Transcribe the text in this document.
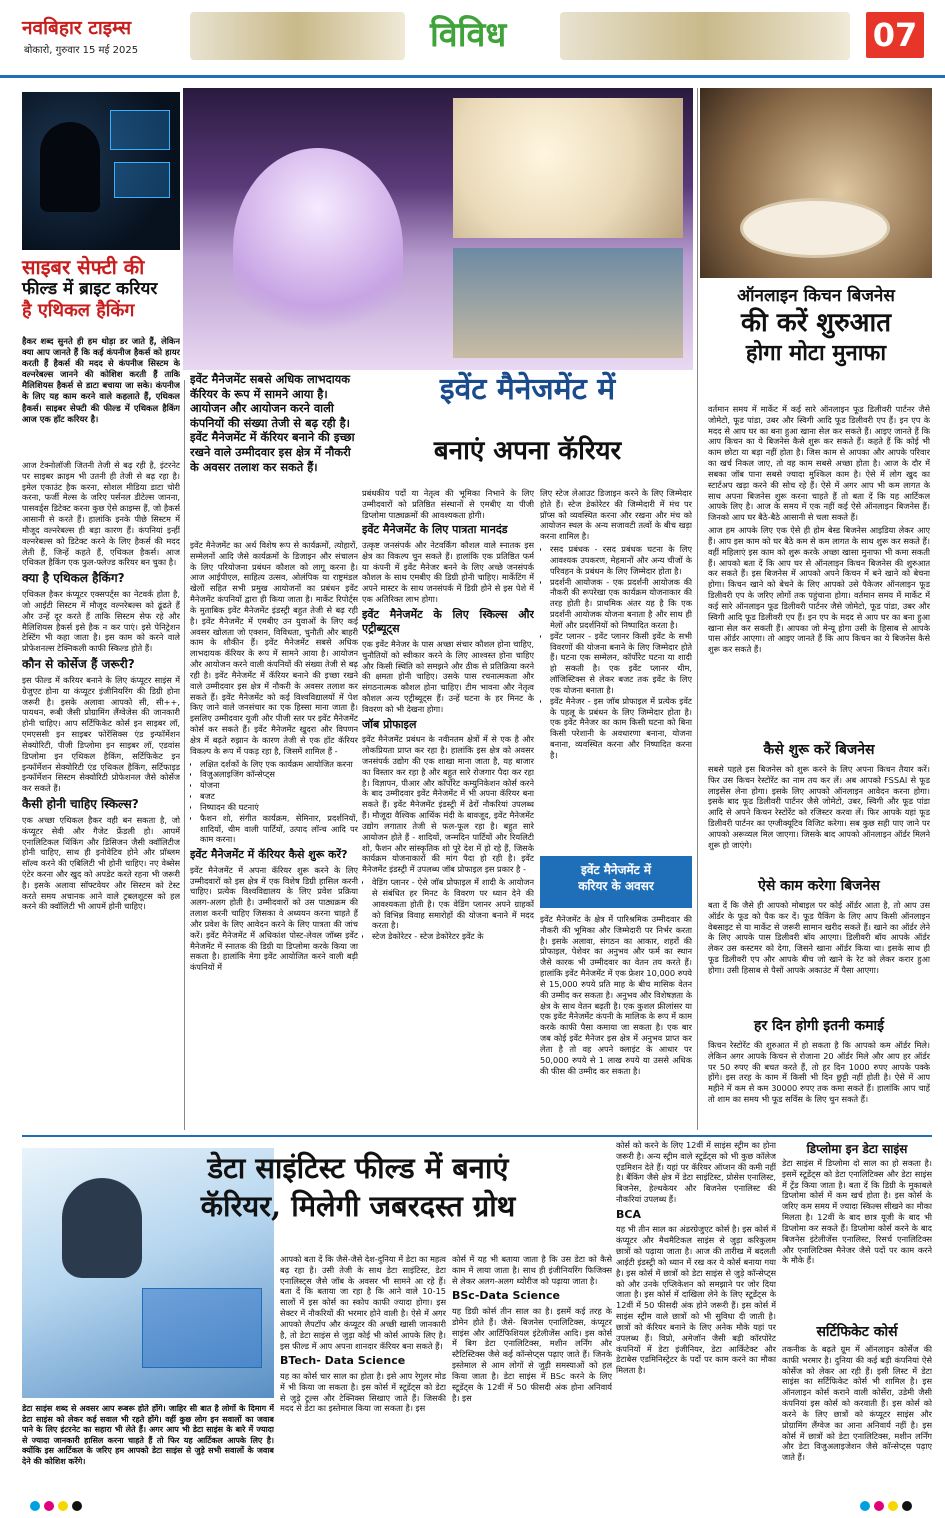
नवबिहार टाइम्स
बोकारो, गुरुवार 15 मई 2025	विविध	07
साइबर सेफ्टी की
फील्ड में ब्राइट करियर
है एथिकल हैकिंग
हैकर शब्द सुनते ही हम थोड़ा डर जाते हैं, लेकिन क्या आप जानते हैं कि कई कंपनीज हैकर्स को हायर करती हैं हैकर्स की मदद से कंपनीज सिस्टम के वल्नरेबल्स जानने की कोशिश करती हैं ताकि मैलिशियस हैकर्स से डाटा बचाया जा सके। कंपनीज के लिए यह काम करने वाले कहलाते हैं, एथिकल हैकर्स। साइबर सेफ्टी की फील्ड में एथिकल हैकिंग आज एक हॉट करियर है।

आज टेक्नोलॉजी जितनी तेजी से बढ़ रही है, इंटरनेट पर साइबर क्राइम भी उतनी ही तेजी से बढ़ रहा है। इमेल एकाउंट हैक करना, सोशल मीडिया डाटा चोरी करना, फर्जी मेल्स के जरिए पर्सनल डीटेल्स जानना, पासवर्ड्स डिटेक्ट करना कुछ ऐसे क्राइम्स हैं, जो हैकर्स आसानी से करते हैं। हालांकि इनके पीछे सिस्टम में मौजूद वल्नरेबल्स ही बड़ा कारण हैं। कंपनियां इन्हीं वल्नरेबल्स को डिटेक्ट करने के लिए हैकर्स की मदद लेती हैं, जिन्हें कहते हैं, एथिकल हैकर्स। आज एथिकल हैकिंग एक फुल-फ्लेज्ड करियर बन चुका है।

क्या है एथिकल हैकिंग?

एथिकल हैकर कंप्यूटर एक्सपर्ट्स का नेटवर्क होता है, जो आईटी सिस्टम में मौजूद वल्नरेबल्स को ढूंढते हैं और उन्हें दूर करते हैं ताकि सिस्टम सेफ रहे और मैलिशियस हैकर्स इसे हैक न कर पाएं। इसे पेनिट्रेशन टेस्टिंग भी कहा जाता है। इस काम को करने वाले प्रोफेशनल्स टेक्निकली काफी स्किल्ड होते हैं।

कौन से कोर्सेज हैं जरूरी?

इस फील्ड में करियर बनाने के लिए कंप्यूटर साइंस में ग्रेजुएट होना या कंप्यूटर इंजीनियरिंग की डिग्री होना जरूरी है। इसके अलावा आपको सी, सी++, पायथन, रूबी जैसी प्रोग्रामिंग लैंग्वेजेस की जानकारी होनी चाहिए। आप सर्टिफिकेट कोर्स इन साइबर लॉ, एमएससी इन साइबर फोरेंसिक्स एंड इन्फॉर्मेशन सेक्योरिटी, पीजी डिप्लोमा इन साइबर लॉ, एडवांस डिप्लोमा इन एथिकल हैकिंग, सर्टिफिकेट इन इन्फॉर्मेशन सेक्योरिटी एंड एथिकल हैकिंग, सर्टिफाइड इन्फॉर्मेशन सिस्टम सेक्योरिटी प्रोफेशनल जैसे कोर्सेज कर सकते हैं।

कैसी होनी चाहिए स्किल्स?

एक अच्छा एथिकल हैकर वही बन सकता है, जो कंप्यूटर सेवी और गैजेट फ्रेंडली हो। आपमें एनालिटिकल थिंकिंग और डिसिजन जैसी क्वॉलिटीज होनी चाहिए, साथ ही इनोवेटिव होने और प्रॉब्लम सॉल्व करने की एबिलिटी भी होनी चाहिए। नए वेब्सेस एंटेर करना और खुद को अपडेट करते रहना भी जरूरी है। इसके अलावा सॉफ्टवेयर और सिस्टम को टेस्ट करते समय अचानक आने वाले ट्रबलशूटस को हल करने की क्वॉलिटी भी आपमें होनी चाहिए।

इवेंट मैनेजमेंट सबसे अधिक लाभदायक कॅरियर के रूप में सामने आया है। आयोजन और आयोजन करने वाली कंपनियों की संख्या तेजी से बढ़ रही है। इवेंट मैनेजमेंट में कॅरियर बनाने की इच्छा रखने वाले उम्मीदवार इस क्षेत्र में नौकरी के अवसर तलाश कर सकते हैं।
इवेंट मैनेजमेंट में
बनाएं अपना कॅरियर

इवेंट मैनेजमेंट का अर्थ विशेष रूप से कार्यक्रमों, त्योहारों, सम्मेलनों आदि जैसे कार्यक्रमों के डिजाइन और संचालन के लिए परियोजना प्रबंधन कौशल को लागू करना है। आज आईपीएल, साहित्य उत्सव, ओलंपिक या राष्ट्रमंडल खेलों सहित सभी प्रमुख आयोजनों का प्रबंधन इवेंट मैनेजमेंट कंपनियों द्वारा ही किया जाता है। मार्केट रिपोर्ट्स के मुताबिक इवेंट मैनेजमेंट इंडस्ट्री बहुत तेजी से बढ़ रही है। इवेंट मैनेजमेंट में एमबीए उन युवाओं के लिए कई अवसर खोलता जो एक्शन, विविधता, चुनौती और बाहरी काम के शौकीन हैं। इवेंट मैनेजमेंट सबसे अधिक लाभदायक कॅरियर के रूप में सामने आया है। आयोजन और आयोजन करने वाली कंपनियों की संख्या तेजी से बढ़ रही है। इवेंट मैनेजमेंट में कॅरियर बनाने की इच्छा रखने वाले उम्मीदवार इस क्षेत्र में नौकरी के अवसर तलाश कर सकते हैं। इवेंट मैनेजमेंट को कई विश्वविद्यालयों में पेश किए जाने वाले जनसंचार का एक हिस्सा माना जाता है। इसलिए उम्मीदवार यूजी और पीजी स्तर पर इवेंट मैनेजमेंट कोर्स कर सकते हैं। इवेंट मैनेजमेंट खुदरा और विपणन क्षेत्र में बढ़ते रुझान के कारण तेजी से एक हॉट कॅरियर विकल्प के रूप में पकड़ रहा है, जिसमें शामिल हैं -

• लक्षित दर्शकों के लिए एक कार्यक्रम आयोजित करना
• विजुअलाइजिंग कॉन्सेप्ट्स
• योजना
• बजट
• निष्पादन की घटनाएं
• फैशन शो, संगीत कार्यक्रम, सेमिनार, प्रदर्शनियों, शादियों, थीम वाली पार्टियों, उत्पाद लॉन्च आदि पर काम करना।

इवेंट मैनेजमेंट में कॅरियर कैसे शुरू करें?

इवेंट मैनेजमेंट में अपना कॅरियर शुरू करने के लिए उम्मीदवारों को इस क्षेत्र में एक विशेष डिग्री हासिल करनी चाहिए। प्रत्येक विश्वविद्यालय के लिए प्रवेश प्रक्रिया अलग-अलग होती है। उम्मीदवारों को उस पाठ्यक्रम की तलाश करनी चाहिए जिसका वे अध्ययन करना चाहते हैं और प्रवेश के लिए आवेदन करने के लिए पात्रता की जांच करें। इवेंट मैनेजमेंट में अधिकांश पोस्ट-लेवल जॉब्स इवेंट मैनेजमेंट में स्नातक की डिग्री या डिप्लोमा करके किया जा सकता है। हालांकि मेगा इवेंट आयोजित करने वाली बड़ी कंपनियों में

प्रबंधकीय पदों या नेतृत्व की भूमिका निभाने के लिए उम्मीदवारों को प्रतिष्ठित संस्थानों से एमबीए या पीजी डिप्लोमा पाठ्यक्रमों की आवश्यकता होगी।

इवेंट मैनेजमेंट के लिए पात्रता मानदंड

उत्कृष्ट जनसंपर्क और नेटवर्किंग कौशल वाले स्नातक इस क्षेत्र का विकल्प चुन सकते हैं। हालांकि एक प्रतिष्ठित फर्म या कंपनी में इवेंट मैनेजर बनने के लिए अच्छे जनसंपर्क कौशल के साथ एमबीए की डिग्री होनी चाहिए। मार्केटिंग में अपने मास्टर के साथ जनसंपर्क में डिग्री होने से इस पेशे में एक अतिरिक्त लाभ होगा।

इवेंट मैनेजमेंट के लिए स्किल्स और एट्रीब्यूट्स

एक इवेंट मैनेजर के पास अच्छा संचार कौशल होना चाहिए, चुनौतियों को स्वीकार करने के लिए आश्वस्त होना चाहिए और किसी स्थिति को समझने और ठीक से प्रतिक्रिया करने की क्षमता होनी चाहिए। उसके पास रचनात्मकता और संगठनात्मक कौशल होना चाहिए। टीम भावना और नेतृत्व कौशल अन्य एट्रीब्यूट्स हैं। उन्हें घटना के हर मिनट के विवरण को भी देखना होगा।

जॉब प्रोफाइल

इवेंट मैनेजमेंट प्रबंधन के नवीनतम क्षेत्रों में से एक है और लोकप्रियता प्राप्त कर रहा है। हालांकि इस क्षेत्र को अवसर जनसंपर्क उद्योग की एक शाखा माना जाता है, यह बाजार का विस्तार कर रहा है और बहुत सारे रोजगार पैदा कर रहा है। विज्ञापन, पीआर और कॉर्पोरेट कम्युनिकेशन कोर्स करने के बाद उम्मीदवार इवेंट मैनेजमेंट में भी अपना कॅरियर बना सकते हैं। इवेंट मैनेजमेंट इंडस्ट्री में ढेरों नौकरियां उपलब्ध हैं। मौजूदा वैश्विक आर्थिक मंदी के बावजूद, इवेंट मैनेजमेंट उद्योग लगातार तेजी से फल-फूल रहा है। बहुत सारे आयोजन होते हैं - शादियों, जन्मदिन पार्टियों और रियलिटी शो, फैशन और सांस्कृतिक शो पूरे देश में हो रहे हैं, जिसके कार्यक्रम योजनाकारों की मांग पैदा हो रही है। इवेंट मैनेजमेंट इंडस्ट्री में उपलब्ध जॉब प्रोफाइल इस प्रकार है -

• वेडिंग प्लानर - ऐसे जॉब प्रोफाइल में शादी के आयोजन से संबंधित हर मिनट के विवरण पर ध्यान देने की आवश्यकता होती है। एक वेडिंग प्लानर अपने ग्राहकों को विभिन्न विवाह समारोहों की योजना बनाने में मदद करता है।
• स्टेज डेकोरेटर - स्टेज डेकोरेटर इवेंट के

लिए स्टेज लेआउट डिजाइन करने के लिए जिम्मेदार होते हैं। स्टेज डेकोरेटर की जिम्मेदारी में मंच पर प्रॉप्स को व्यवस्थित करना और रखना और मंच को आयोजन स्थल के अन्य सजावटी तत्वों के बीच खड़ा करना शामिल है।

• रसद प्रबंधक - रसद प्रबंधक घटना के लिए आवश्यक उपकरण, मेहमानों और अन्य चीजों के परिवहन के प्रबंधन के लिए जिम्मेदार होता है।
• प्रदर्शनी आयोजक - एक प्रदर्शनी आयोजक की नौकरी की रूपरेखा एक कार्यक्रम योजनाकार की तरह होती है। प्राथमिक अंतर यह है कि एक प्रदर्शनी आयोजक योजना बनाता है और साथ ही मेलों और प्रदर्शनियों को निष्पादित करता है।
• इवेंट प्लानर - इवेंट प्लानर किसी इवेंट के सभी विवरणों की योजना बनाने के लिए जिम्मेदार होते हैं। घटना एक सम्मेलन, कॉर्पोरेट घटना या शादी हो सकती है। एक इवेंट प्लानर थीम, लॉजिस्टिक्स से लेकर बजट तक इवेंट के लिए एक योजना बनाता है।
• इवेंट मैनेजर - इस जॉब प्रोफाइल में प्रत्येक इवेंट के पहलू के प्रबंधन के लिए जिम्मेदार होता है। एक इवेंट मैनेजर का काम किसी घटना को बिना किसी परेशानी के अवधारणा बनाना, योजना बनाना, व्यवस्थित करना और निष्पादित करना है।
इवेंट मैनेजमेंट में
करियर के अवसर
इवेंट मैनेजमेंट के क्षेत्र में पारिश्रमिक उम्मीदवार की नौकरी की भूमिका और जिम्मेदारी पर निर्भर करता है। इसके अलावा, संगठन का आकार, शहरों की प्रोफाइल, पेशेवर का अनुभव और फर्म का स्थान जैसे कारक भी उम्मीदवार का वेतन तय करते हैं। हालांकि इवेंट मैनेजमेंट में एक फ्रेशर 10,000 रुपये से 15,000 रुपये प्रति माह के बीच मासिक वेतन की उम्मीद कर सकता है। अनुभव और विशेषज्ञता के क्षेत्र के साथ वेतन बढ़ती है। एक कुशल फ्रीलांसर या एक इवेंट मैनेजमेंट कंपनी के मालिक के रूप में काम करके काफी पैसा कमाया जा सकता है। एक बार जब कोई इवेंट मैनेजर इस क्षेत्र में अनुभव प्राप्त कर लेता है तो वह अपने क्लाइंट के आधार पर 50,000 रुपये से 1 लाख रुपये या उससे अधिक की फीस की उम्मीद कर सकता है।
ऑनलाइन किचन बिजनेस
की करें शुरुआत
होगा मोटा मुनाफा

वर्तमान समय में मार्केट में कई सारे ऑनलाइन फूड डिलीवरी पार्टनर जैसे जोमेटो, फूड पांडा, उबर और स्विगी आदि फूड डिलीवरी एप हैं। इन एप के मदद से आप घर का बना हुआ खाना सेल कर सकते हैं। आइए जानते हैं कि आप किचन का ये बिजनेस कैसे शुरू कर सकते हैं। कहते हैं कि कोई भी काम छोटा या बड़ा नहीं होता है। जिस काम से आपका और आपके परिवार का खर्च निकल जाए, तो वह काम सबसे अच्छा होता है। आज के दौर में सबका जॉब पाना सबसे ज्यादा मुश्किल काम है। ऐसे में लोग खुद का स्टार्टअप खड़ा करने की सोच रहे हैं। ऐसे में अगर आप भी कम लागत के साथ अपना बिजनेस शुरू करना चाहते हैं तो बता दें कि यह आर्टिकल आपके लिए है। आज के समय में एक नहीं कई ऐसे ऑनलाइन बिजनेस हैं। जिनको आप घर बैठे-बैठे आसानी से चला सकते हैं।

आज हम आपके लिए एक ऐसे ही होम बेस्ड बिजनेस आइडिया लेकर आए हैं। आप इस काम को घर बैठे कम से कम लागत के साथ शुरू कर सकते हैं। वहीं महिलाएं इस काम को शुरू करके अच्छा खासा मुनाफा भी कमा सकती हैं। आपको बता दें कि आप घर से ऑनलाइन किचन बिजनेस की शुरुआत कर सकते हैं। इस बिजनेस में आपको अपने किचन में बने खाने को बेचना होगा। किचन खाने को बेचने के लिए आपको उसे पैकेजर ऑनलाइन फूड डिलीवरी एप के जरिए लोगों तक पहुंचाना होगा। वर्तमान समय में मार्केट में कई सारे ऑनलाइन फूड डिलीवरी पार्टनर जैसे जोमेटो, फूड पांडा, उबर और स्विगी आदि फूड डिलीवरी एप हैं। इन एप के मदद से आप घर का बना हुआ खाना सेल कर सकती हैं। आपका जो मेन्यू होगा उसी के हिसाब से आपके पास ऑर्डर आएगा। तो आइए जानते हैं कि आप किचन का ये बिजनेस कैसे शुरू कर सकते हैं।

कैसे शुरू करें बिजनेस
सबसे पहले इस बिजनेस को शुरू करने के लिए अपना किचन तैयार करें। फिर उस किचन रेस्टोरेंट का नाम तय कर लें। अब आपको FSSAI से फूड लाइसेंस लेना होगा। इसके लिए आपको ऑनलाइन आवेदन करना होगा। इसके बाद फूड डिलीवरी पार्टनर जैसे जोमेटो, उबर, स्विगी और फूड पांडा आदि से अपने किचन रेस्टोरेंट को रजिस्टर करवा लें। फिर आपके यहां फूड डिलीवरी पार्टनर का एग्जीक्यूटिव विजिट करेगा। सब कुछ सही पाए जाने पर आपको अरूव्यल मिल जाएगा। जिसके बाद आपको ऑनलाइन ऑर्डर मिलने शुरू हो जाएंगे।
ऐसे काम करेगा बिजनेस
बता दें कि जैसे ही आपको मोबाइल पर कोई ऑर्डर आता है, तो आप उस ऑर्डर के फूड को पैक कर दें। फूड पैकिंग के लिए आप किसी ऑनलाइन वेबसाइट से या मार्केट से जरूरी सामान खरीद सकते हैं। खाने का ऑर्डर लेने के लिए आपके पास डिलीवरी बॉय आएगा। डिलीवरी बॉय आपके ऑर्डर लेकर उस कस्टमर को देगा, जिसने खाना ऑर्डर किया था। इसके साथ ही फूड डिलीवरी एप और आपके बीच जो खाने के रेट को लेकर करार हुआ होगा। उसी हिसाब से पैसों आपके अकाउंट में पैसा आएगा।
हर दिन होगी इतनी कमाई
किचन रेस्टोरेंट की शुरुआत में हो सकता है कि आपको कम ऑर्डर मिले। लेकिन अगर आपके किचन से रोजाना 20 ऑर्डर मिले और आप हर ऑर्डर पर 50 रुपए की बचत करते हैं, तो हर दिन 1000 रुपए आपके पक्के होंगे। इस तरह के काम में किसी भी दिन छुट्टी नहीं होती है। ऐसे में आप महीने में कम से कम 30000 रुपए तक कमा सकते हैं। हालांकि आप चाहें तो शाम का समय भी फूड सर्विस के लिए चुन सकते हैं।
डेटा साइंटिस्ट फील्ड में बनाएं
कॅरियर, मिलेगी जबरदस्त ग्रोथ
डेटा साइंस शब्द से अवसर आप रूबरू होते होंगे। जाहिर सी बात है लोगों के दिमाग में डेटा साइंस को लेकर कई सवाल भी रहते होंगे। वहीं कुछ लोग इन सवालों का जवाब पाने के लिए इंटरनेट का सहारा भी लेते हैं। अगर आप भी डेटा साइंस के बारे में ज्यादा से ज्यादा जानकारी हासिल करना चाहते हैं तो फिर यह आर्टिकल आपके लिए है। क्योंकि इस आर्टिकल के जरिए हम आपको डेटा साइंस से जुड़े सभी सवालों के जवाब देने की कोशिश करेंगे।

आपको बता दें कि जैसे-जैसे देश-दुनिया में डेटा का महत्व बढ़ रहा है। उसी तेजी के साथ डेटा साइंटिस्ट, डेटा एनालिस्ट्स जैसे जॉब के अवसर भी सामने आ रहे हैं। बता दें कि बताया जा रहा है कि आने वाले 10-15 सालों में इस कोर्स का स्कोप काफी ज्यादा होगा। इस सेक्टर में नौकरियों की भरमार होने वाली है। ऐसे में अगर आपको लैपटॉप और कंप्यूटर की अच्छी खासी जानकारी है, तो डेटा साइंस से जुड़ा कोई भी कोर्स आपके लिए है। इस फील्ड में आप अपना शानदार कॅरियर बना सकते हैं।

BTech- Data Science

यह का कोर्स चार साल का होता है। इसे आप रेगुलर मोड में भी किया जा सकता है। इस कोर्स में स्टूडेंट्स को डेटा से जुड़े टूल्स और टेक्निक्स सिखाए जाते हैं। जिसकी मदद से डेटा का इस्तेमाल किया जा सकता है। इस

कोर्स में यह भी बताया जाता है कि उस डेटा को कैसे काम में लाया जाता है। साथ ही इंजीनियरिंग फिजिक्स से लेकर अलग-अलग थ्योरीज को पढ़ाया जाता है।

BSc-Data Science

यह डिग्री कोर्स तीन साल का है। इसमें कई तरह के डोमेन होते हैं। जैसे- बिजनेस एनालिटिक्स, कंप्यूटर साइंस और आर्टिफिशियल इंटेलीजेंस आदि। इस कोर्स में बिग डेटा एनालिटिक्स, मशीन लर्निंग और स्टैटिस्टिक्स जैसे कई कॉन्सेप्ट्स पढ़ाए जाते हैं। जिनके इस्तेमाल से आम लोगों से जुड़ी समस्याओं को हल किया जाता है। डेटा साइंस में BSc करने के लिए स्टूडेंट्स के 12वीं में 50 फीसदी अंक होना अनिवार्य है। इस

कोर्स को करने के लिए 12वीं में साइंस स्ट्रीम का होना जरूरी है। अन्य स्ट्रीम वाले स्टूडेंट्स को भी कुछ कॉलेज एडमिशन देते हैं। यहां पर कॅरियर ऑप्शन की कमी नहीं है। बैंकिंग जैसे क्षेत्र में डेटा साइंटिस्ट, प्रोसेस एनालिस्ट, बिजनेस, हेल्थकेयर और बिजनेस एनालिस्ट की नौकरियां उपलब्ध हैं।

BCA

यह भी तीन साल का अंडरग्रेजुएट कोर्स है। इस कोर्स में कंप्यूटर और मैथमैटिकल साइंस से जुड़ा करिकुलम छात्रों को पढ़ाया जाता है। आज की तारीख में बदलती आईटी इंडस्ट्री को ध्यान में रख कर ये कोर्स बनाया गया है। इस कोर्स में छात्रों को डेटा साइंस से जुड़े कॉन्सेप्ट्स को और उनके एप्लिकेशन को समझाने पर जोर दिया जाता है। इस कोर्स में दाखिला लेने के लिए स्टूडेंट्स के 12वीं में 50 फीसदी अंक होने जरूरी हैं। इस कोर्स में साइंस स्ट्रीम वाले छात्रों को भी सुविधा दी जाती है। छात्रों को कॅरियर बनाने के लिए अनेक मौके यहां पर उपलब्ध हैं। विप्रो, अमेजॉन जैसी बड़ी कॉरपोरेट कंपनियों में डेटा इंजीनियर, डेटा आर्किटेक्ट और डेटाबेस एडमिनिस्ट्रेटर के पदों पर काम करने का मौका मिलता है।

डिप्लोमा इन डेटा साइंस
डेटा साइंस में डिप्लोमा दो साल का हो सकता है। इसमें स्टूडेंट्स को डेटा एनालिटिक्स और डेटा साइंस में ट्रेंड किया जाता है। बता दें कि डिग्री के मुकाबले डिप्लोमा कोर्स में कम खर्च होता है। इस कोर्स के जरिए कम समय में ज्यादा स्किल्स सीखने का मौका मिलता है। 12वीं के बाद छात्र यूजी के बाद भी डिप्लोमा कर सकते हैं। डिप्लोमा कोर्स करने के बाद बिजनेस इंटेलीजेंस एनालिस्ट, रिसर्च एनालिटिक्स और एनालिटिक्स मैनेजर जैसे पदों पर काम करने के मौके हैं।
सर्टिफिकेट कोर्स
तकनीक के बढ़ते ग्रूम में ऑनलाइन कोर्सेज की काफी भरमार है। दुनिया की कई बड़ी कंपनियां ऐसे कोर्सेज को लेकर आ रही हैं। इसी लिस्ट में डेटा साइंस का सर्टिफिकेट कोर्स भी शामिल है। इस ऑनलाइन कोर्स कराने वाली कोर्सेरा, उडेमी जैसी कंपनियां इस कोर्स को करवाती हैं। इस कोर्स को करने के लिए छात्रों को कंप्यूटर साइंस और प्रोग्रामिंग लैंग्वेज का आना अनिवार्य नहीं है। इस कोर्स में छात्रों को डेटा एनालिटिक्स, मशीन लर्निंग और डेटा विजुअलाइजेशन जैसे कॉन्सेप्ट्स पढ़ाए जाते हैं।
